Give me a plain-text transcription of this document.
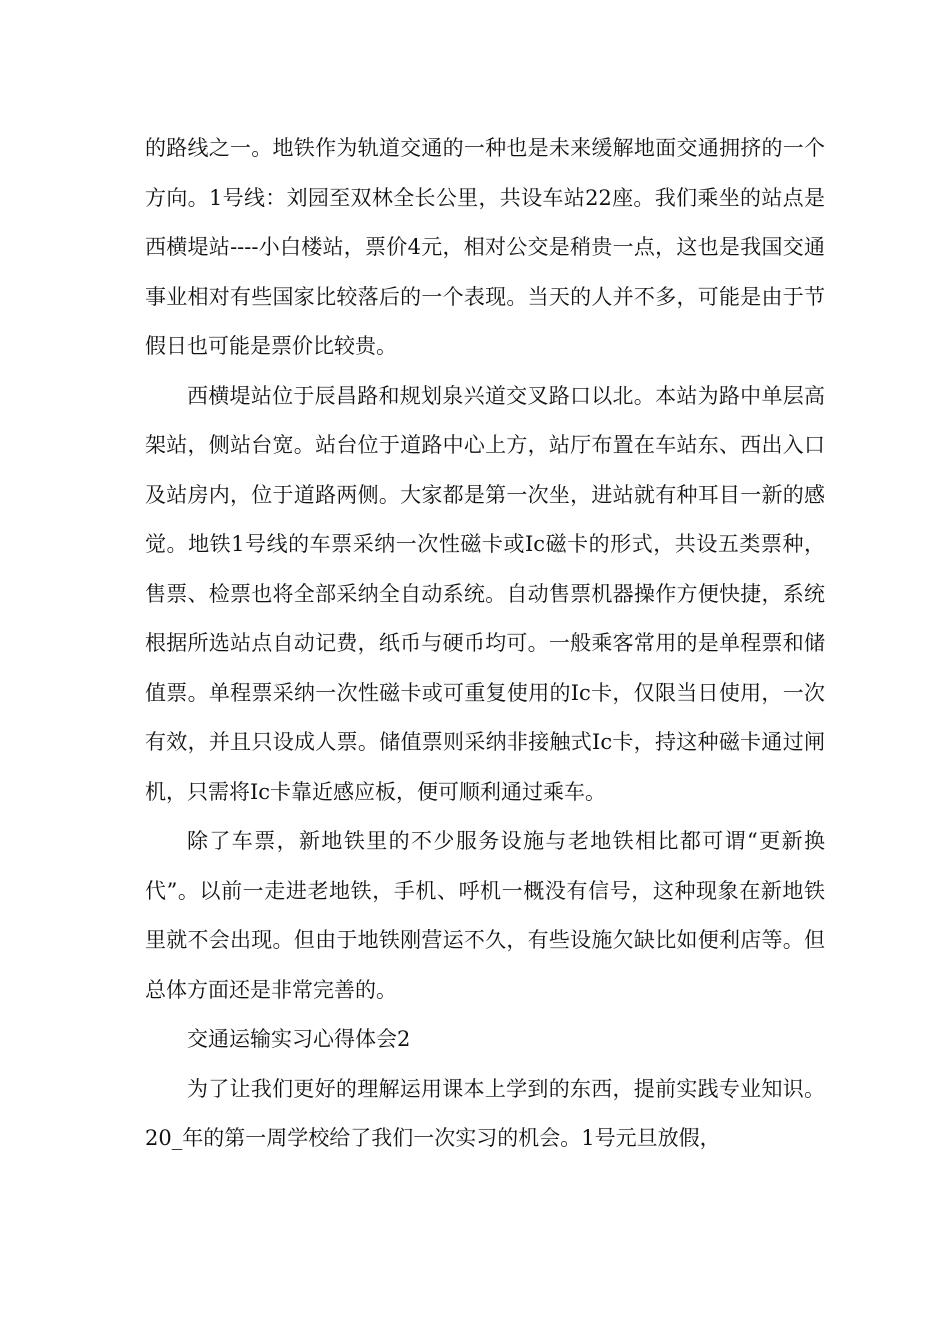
的路线之一。地铁作为轨道交通的一种也是未来缓解地面交通拥挤的一个方向。1号线：刘园至双林全长公里，共设车站22座。我们乘坐的站点是西横堤站----小白楼站，票价4元，相对公交是稍贵一点，这也是我国交通事业相对有些国家比较落后的一个表现。当天的人并不多，可能是由于节假日也可能是票价比较贵。

西横堤站位于辰昌路和规划泉兴道交叉路口以北。本站为路中单层高架站，侧站台宽。站台位于道路中心上方，站厅布置在车站东、西出入口及站房内，位于道路两侧。大家都是第一次坐，进站就有种耳目一新的感觉。地铁1号线的车票采纳一次性磁卡或Ic磁卡的形式，共设五类票种，售票、检票也将全部采纳全自动系统。自动售票机器操作方便快捷，系统根据所选站点自动记费，纸币与硬币均可。一般乘客常用的是单程票和储值票。单程票采纳一次性磁卡或可重复使用的Ic卡，仅限当日使用，一次有效，并且只设成人票。储值票则采纳非接触式Ic卡，持这种磁卡通过闸机，只需将Ic卡靠近感应板，便可顺利通过乘车。

除了车票，新地铁里的不少服务设施与老地铁相比都可谓“更新换代”。以前一走进老地铁，手机、呼机一概没有信号，这种现象在新地铁里就不会出现。但由于地铁刚营运不久，有些设施欠缺比如便利店等。但总体方面还是非常完善的。

交通运输实习心得体会2

为了让我们更好的理解运用课本上学到的东西，提前实践专业知识。20_年的第一周学校给了我们一次实习的机会。1号元旦放假，
